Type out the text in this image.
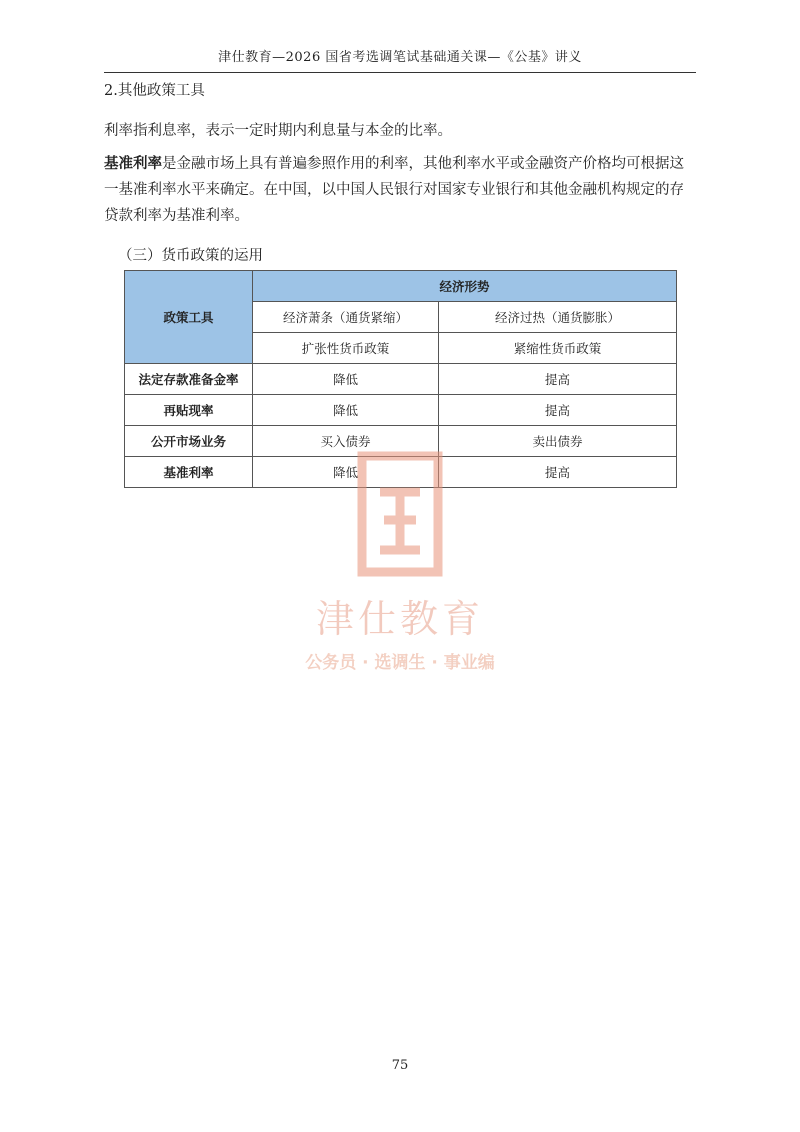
津仕教育—2026 国省考选调笔试基础通关课—《公基》讲义

2.其他政策工具

利率指利息率，表示一定时期内利息量与本金的比率。

基准利率是金融市场上具有普遍参照作用的利率，其他利率水平或金融资产价格均可根据这一基准利率水平来确定。在中国，以中国人民银行对国家专业银行和其他金融机构规定的存贷款利率为基准利率。

（三）货币政策的运用

政策工具	经济形势	
	经济萧条（通货紧缩）	经济过热（通货膨胀）
	扩张性货币政策	紧缩性货币政策
法定存款准备金率	降低	提高
再贴现率	降低	提高
公开市场业务	买入债券	卖出债券
基准利率	降低	提高
津仕教育
公务员 · 选调生 · 事业编
75
